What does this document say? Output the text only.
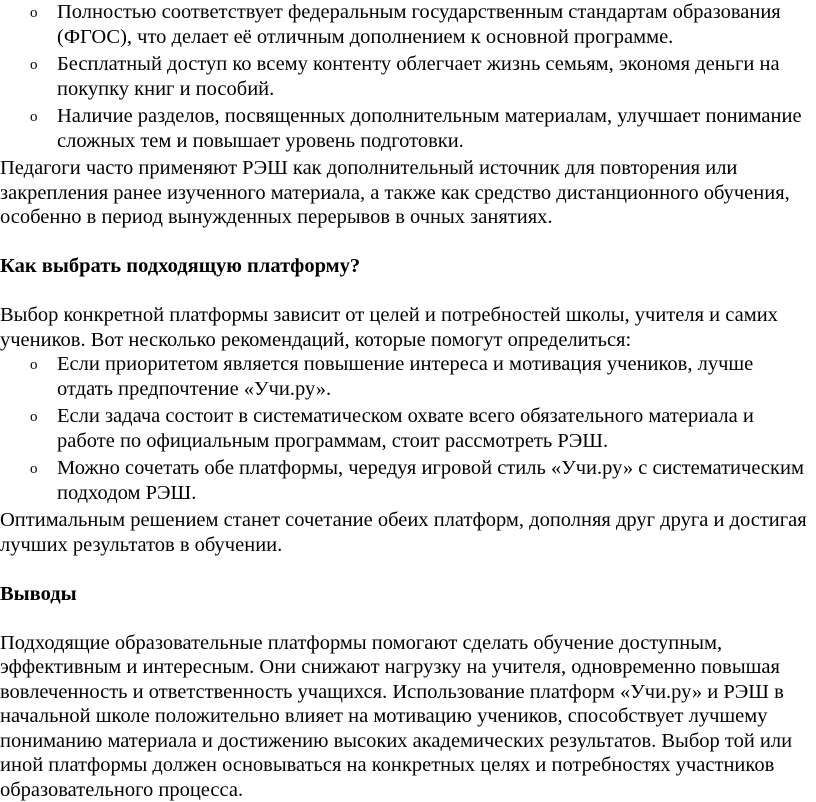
o Полностью соответствует федеральным государственным стандартам образования (ФГОС), что делает её отличным дополнением к основной программе.
o Бесплатный доступ ко всему контенту облегчает жизнь семьям, экономя деньги на покупку книг и пособий.
o Наличие разделов, посвященных дополнительным материалам, улучшает понимание сложных тем и повышает уровень подготовки.

Педагоги часто применяют РЭШ как дополнительный источник для повторения или закрепления ранее изученного материала, а также как средство дистанционного обучения, особенно в период вынужденных перерывов в очных занятиях.

Как выбрать подходящую платформу?

Выбор конкретной платформы зависит от целей и потребностей школы, учителя и самих учеников. Вот несколько рекомендаций, которые помогут определиться:

o Если приоритетом является повышение интереса и мотивация учеников, лучше отдать предпочтение «Учи.ру».
o Если задача состоит в систематическом охвате всего обязательного материала и работе по официальным программам, стоит рассмотреть РЭШ.
o Можно сочетать обе платформы, чередуя игровой стиль «Учи.ру» с систематическим подходом РЭШ.

Оптимальным решением станет сочетание обеих платформ, дополняя друг друга и достигая лучших результатов в обучении.

Выводы

Подходящие образовательные платформы помогают сделать обучение доступным, эффективным и интересным. Они снижают нагрузку на учителя, одновременно повышая вовлеченность и ответственность учащихся. Использование платформ «Учи.ру» и РЭШ в начальной школе положительно влияет на мотивацию учеников, способствует лучшему пониманию материала и достижению высоких академических результатов. Выбор той или иной платформы должен основываться на конкретных целях и потребностях участников образовательного процесса.
